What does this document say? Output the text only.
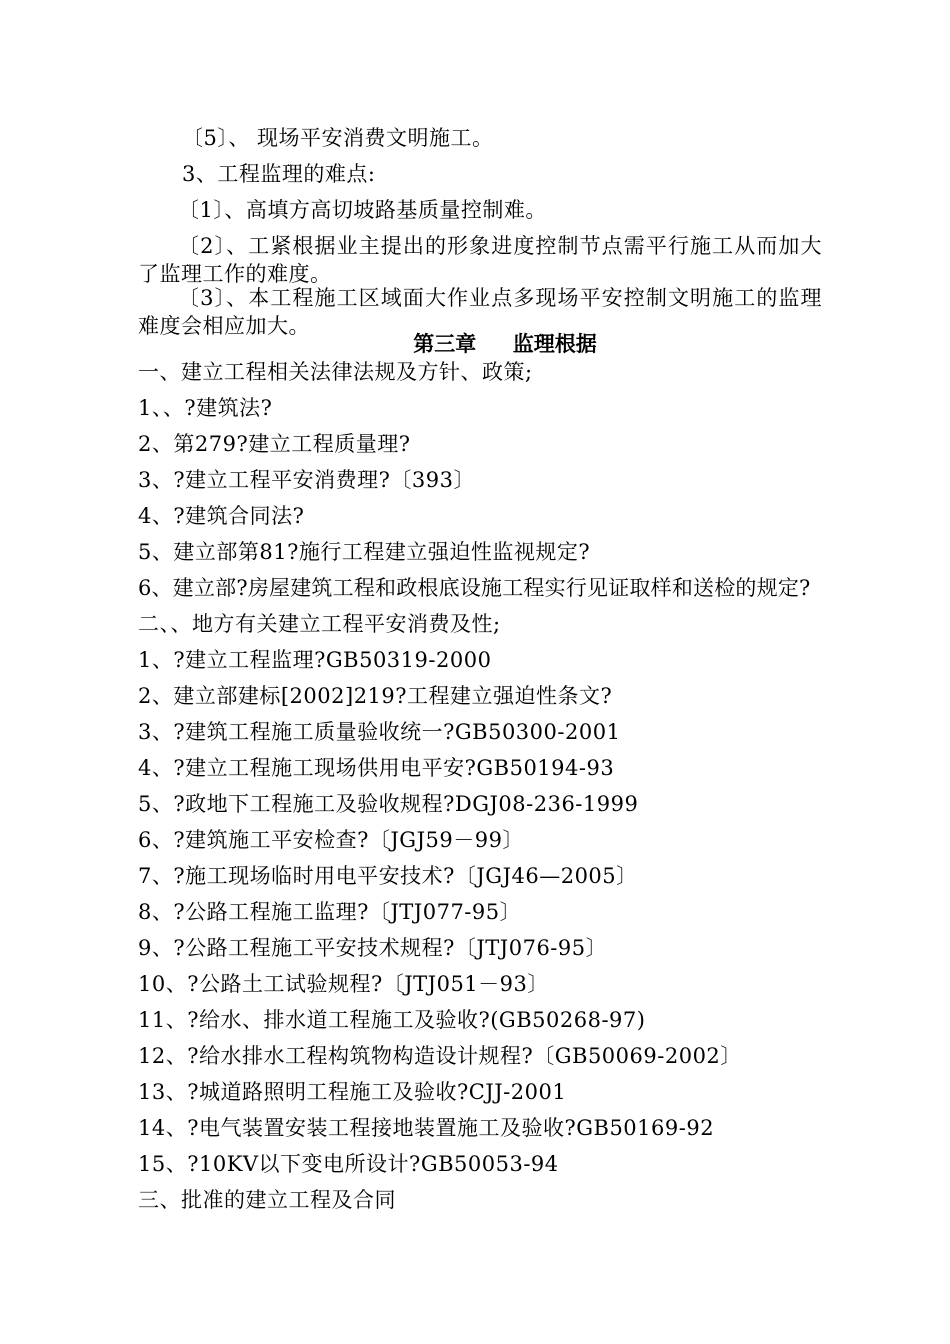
〔5〕、 现场平安消费文明施工。
3、工程监理的难点:
〔1〕、高填方高切坡路基质量控制难。
〔2〕、工紧根据业主提出的形象进度控制节点需平行施工从而加大了监理工作的难度。
〔3〕、本工程施工区域面大作业点多现场平安控制文明施工的监理难度会相应加大。
第三章     监理根据
一、建立工程相关法律法规及方针、政策;
1、、?建筑法?
2、第279?建立工程质量理?
3、?建立工程平安消费理?〔393〕
4、?建筑合同法?
5、建立部第81?施行工程建立强迫性监视规定?
6、建立部?房屋建筑工程和政根底设施工程实行见证取样和送检的规定?
二、、地方有关建立工程平安消费及性;
1、?建立工程监理?GB50319-2000
2、建立部建标[2002]219?工程建立强迫性条文?
3、?建筑工程施工质量验收统一?GB50300-2001
4、?建立工程施工现场供用电平安?GB50194-93
5、?政地下工程施工及验收规程?DGJ08-236-1999
6、?建筑施工平安检查?〔JGJ59－99〕
7、?施工现场临时用电平安技术?〔JGJ46—2005〕
8、?公路工程施工监理?〔JTJ077-95〕
9、?公路工程施工平安技术规程?〔JTJ076-95〕
10、?公路土工试验规程?〔JTJ051－93〕
11、?给水、排水道工程施工及验收?(GB50268-97)
12、?给水排水工程构筑物构造设计规程?〔GB50069-2002〕
13、?城道路照明工程施工及验收?CJJ-2001
14、?电气装置安装工程接地装置施工及验收?GB50169-92
15、?10KV以下变电所设计?GB50053-94
三、批准的建立工程及合同
